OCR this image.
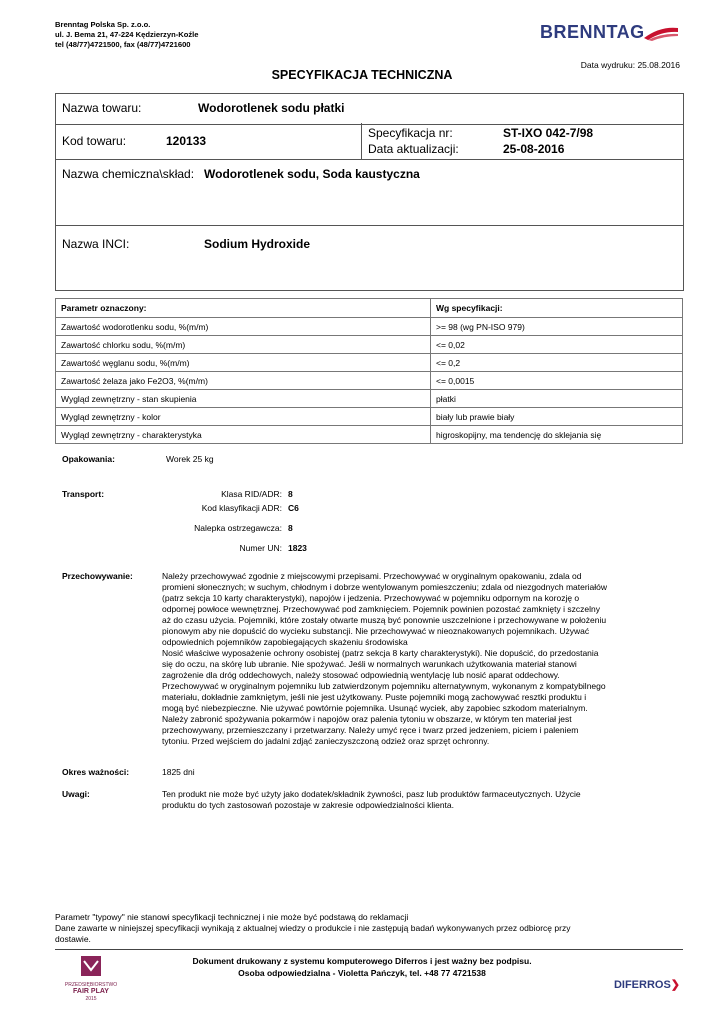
Brenntag Polska Sp. z.o.o.
ul. J. Bema 21, 47-224 Kędzierzyn-Koźle
tel (48/77)4721500, fax (48/77)4721600
BRENNTAG
Data wydruku: 25.08.2016
SPECYFIKACJA TECHNICZNA
Nazwa towaru:	Wodorotlenek sodu płatki
Kod towaru:	120133
Specyfikacja nr:	ST-IXO 042-7/98
Data aktualizacji:	25-08-2016
Nazwa chemiczna\skład: Wodorotlenek sodu, Soda kaustyczna
Nazwa INCI:	Sodium Hydroxide
Parametr oznaczony:	Wg specyfikacji:
Zawartość wodorotlenku sodu, %(m/m)	>= 98 (wg PN-ISO 979)
Zawartość chlorku sodu, %(m/m)	<= 0,02
Zawartość węglanu sodu, %(m/m)	<= 0,2
Zawartość żelaza jako Fe2O3, %(m/m)	<= 0,0015
Wygląd zewnętrzny - stan skupienia	płatki
Wygląd zewnętrzny - kolor	biały lub prawie biały
Wygląd zewnętrzny - charakterystyka	higroskopijny, ma tendencję do sklejania się
Opakowania:	Worek 25 kg
Transport:	Klasa RID/ADR: 8
Kod klasyfikacji ADR: C6
Nalepka ostrzegawcza: 8
Numer UN: 1823
Przechowywanie:	Należy przechowywać zgodnie z miejscowymi przepisami. Przechowywać w oryginalnym opakowaniu, zdala od
promieni słonecznych; w suchym, chłodnym i dobrze wentylowanym pomieszczeniu; zdala od niezgodnych materiałów
(patrz sekcja 10 karty charakterystyki), napojów i jedzenia. Przechowywać w pojemniku odpornym na korozję o
odpornej powłoce wewnętrznej. Przechowywać pod zamknięciem. Pojemnik powinien pozostać zamknięty i szczelny
aż do czasu użycia. Pojemniki, które zostały otwarte muszą być ponownie uszczelnione i przechowywane w położeniu
pionowym aby nie dopuścić do wycieku substancji. Nie przechowywać w nieoznakowanych pojemnikach. Używać
odpowiednich pojemników zapobiegających skażeniu środowiska
Nosić właściwe wyposażenie ochrony osobistej (patrz sekcja 8 karty charakterystyki). Nie dopuścić, do przedostania
się do oczu, na skórę lub ubranie. Nie spożywać. Jeśli w normalnych warunkach użytkowania materiał stanowi
zagrożenie dla dróg oddechowych, należy stosować odpowiednią wentylację lub nosić aparat oddechowy.
Przechowywać w oryginalnym pojemniku lub zatwierdzonym pojemniku alternatywnym, wykonanym z kompatybilnego
materiału, dokładnie zamkniętym, jeśli nie jest użytkowany. Puste pojemniki mogą zachowywać resztki produktu i
mogą być niebezpieczne. Nie używać powtórnie pojemnika. Usunąć wyciek, aby zapobiec szkodom materialnym.
Należy zabronić spożywania pokarmów i napojów oraz palenia tytoniu w obszarze, w którym ten materiał jest
przechowywany, przemieszczany i przetwarzany. Należy umyć ręce i twarz przed jedzeniem, piciem i paleniem
tytoniu. Przed wejściem do jadalni zdjąć zanieczyszczoną odzież oraz sprzęt ochronny.
Okres ważności:	1825 dni
Uwagi:	Ten produkt nie może być użyty jako dodatek/składnik żywności, pasz lub produktów farmaceutycznych. Użycie
produktu do tych zastosowań pozostaje w zakresie odpowiedzialności klienta.
Parametr "typowy" nie stanowi specyfikacji technicznej i nie może być podstawą do reklamacji
Dane zawarte w niniejszej specyfikacji wynikają z aktualnej wiedzy o produkcie i nie zastępują badań wykonywanych przez odbiorcę przy
dostawie.
Dokument drukowany z systemu komputerowego Diferros i jest ważny bez podpisu.
Osoba odpowiedzialna - Violetta Pańczyk, tel. +48 77 4721538
PRZEDSIĘBIORSTWO
FAIR PLAY
2015
DIFERROS❯
